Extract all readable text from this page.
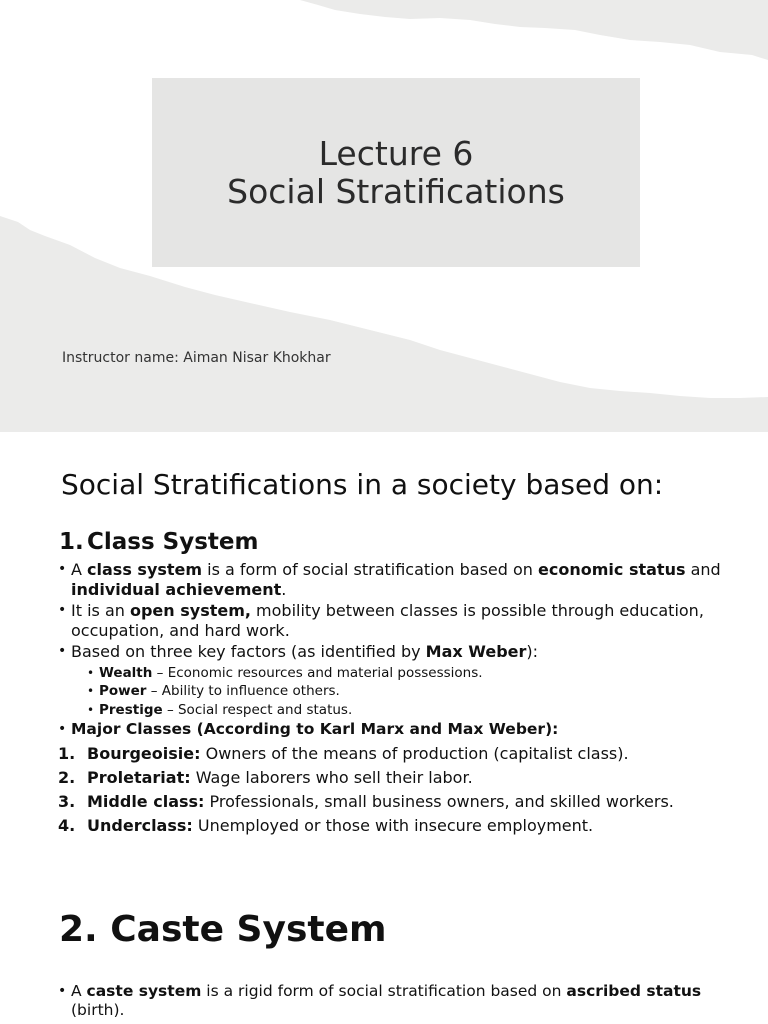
Lecture 6
Social Stratifications
Instructor name: Aiman Nisar Khokhar
Social Stratifications in a society based on:
1. Class System
• A class system is a form of social stratification based on economic status and individual achievement.
• It is an open system, mobility between classes is possible through education, occupation, and hard work.
• Based on three key factors (as identified by Max Weber):
• Wealth – Economic resources and material possessions.
• Power – Ability to influence others.
• Prestige – Social respect and status.
• Major Classes (According to Karl Marx and Max Weber):
1. Bourgeoisie: Owners of the means of production (capitalist class).
2. Proletariat: Wage laborers who sell their labor.
3. Middle class: Professionals, small business owners, and skilled workers.
4. Underclass: Unemployed or those with insecure employment.
2. Caste System
• A caste system is a rigid form of social stratification based on ascribed status (birth).
